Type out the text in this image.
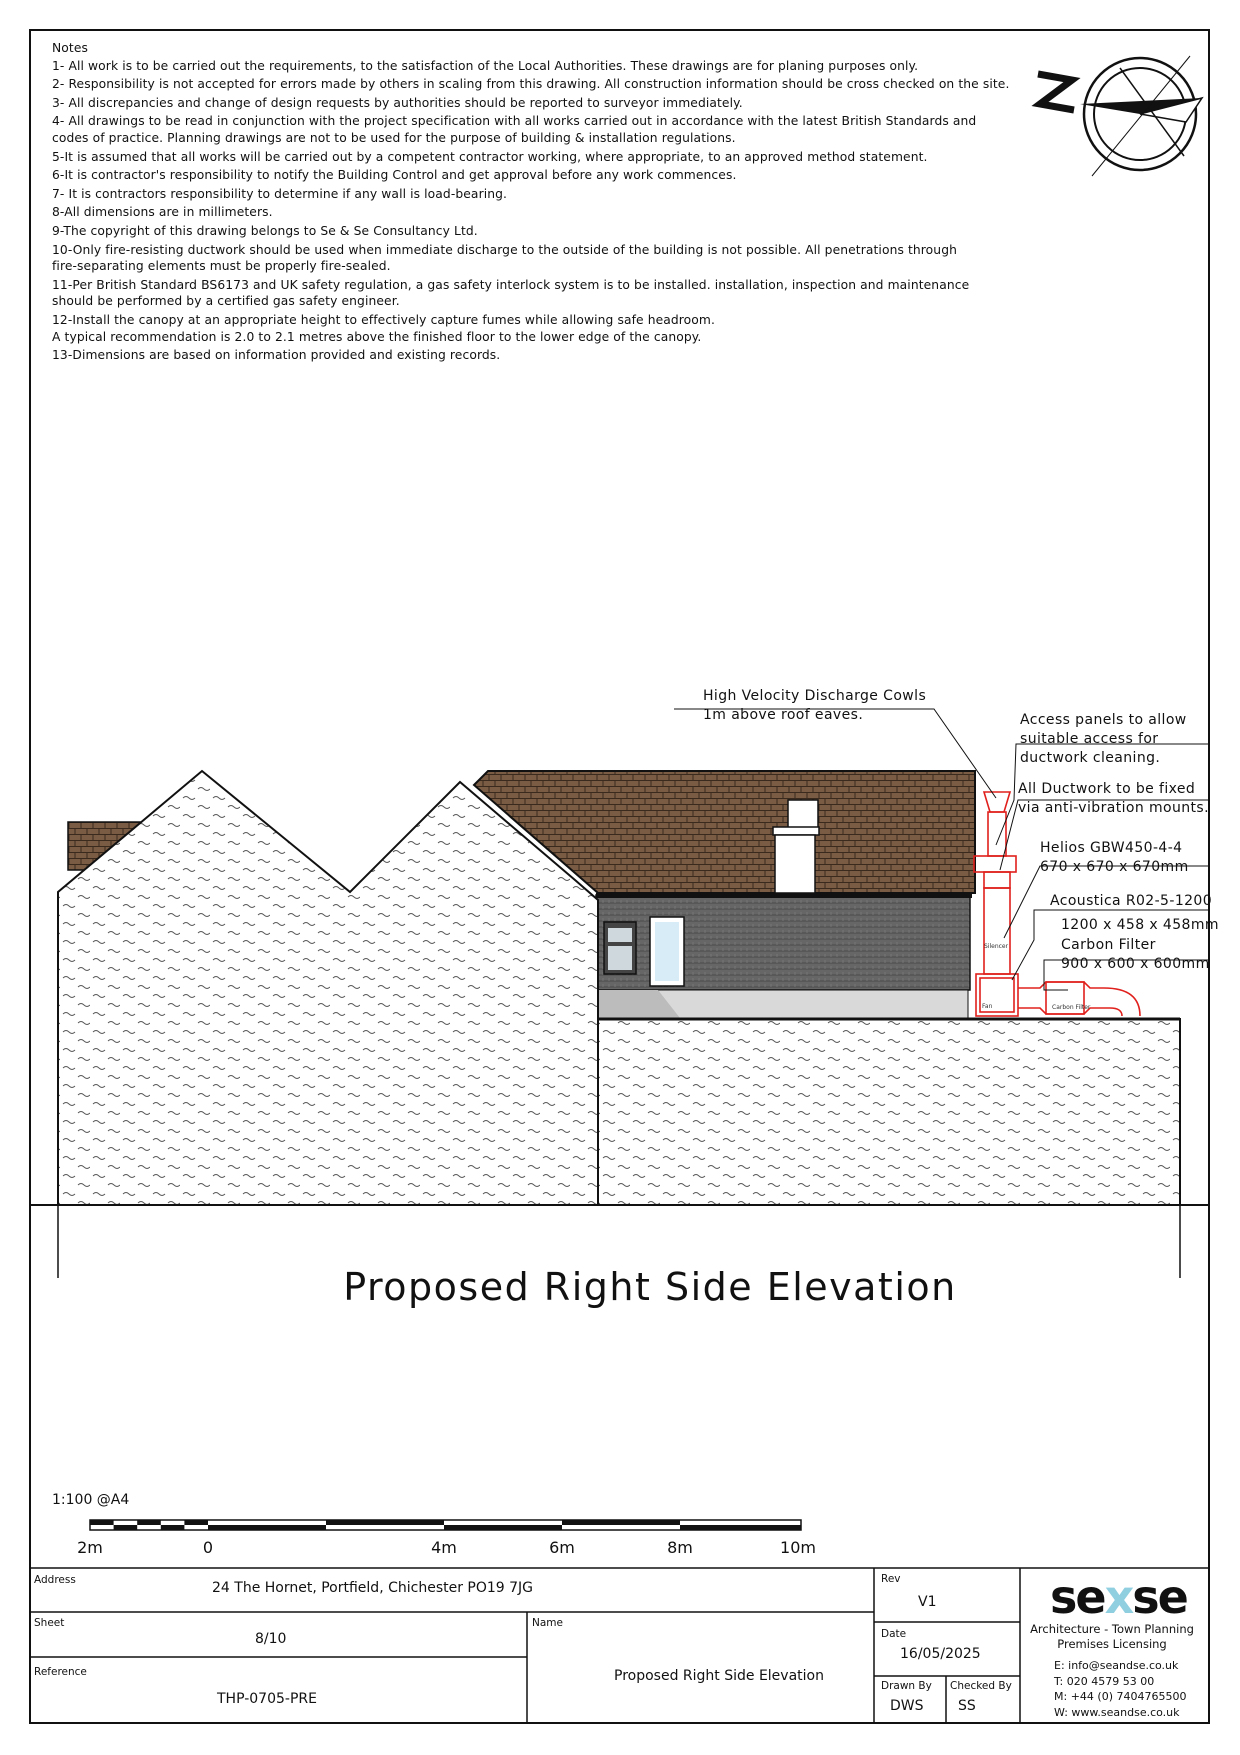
Notes
1- All work is to be carried out the requirements, to the satisfaction of the Local Authorities. These drawings are for planing purposes only.
2- Responsibility is not accepted for errors made by others in scaling from this drawing. All construction information should be cross checked on the site.
3- All discrepancies and change of design requests by authorities should be reported to surveyor immediately.
4- All drawings to be read in conjunction with the project specification with all works carried out in accordance with the latest British Standards and
codes of practice. Planning drawings are not to be used for the purpose of building & installation regulations.
5-It is assumed that all works will be carried out by a competent contractor working, where appropriate, to an approved method statement.
6-It is contractor's responsibility to notify the Building Control and get approval before any work commences.
7- It is contractors responsibility to determine if any wall is load-bearing.
8-All dimensions are in millimeters.
9-The copyright of this drawing belongs to Se & Se Consultancy Ltd.
10-Only fire-resisting ductwork should be used when immediate discharge to the outside of the building is not possible. All penetrations through
fire-separating elements must be properly fire-sealed.
11-Per British Standard BS6173 and UK safety regulation, a gas safety interlock system is to be installed. installation, inspection and maintenance
should be performed by a certified gas safety engineer.
12-Install the canopy at an appropriate height to effectively capture fumes while allowing safe headroom.
A typical recommendation is 2.0 to 2.1 metres above the finished floor to the lower edge of the canopy.
13-Dimensions are based on information provided and existing records.
High Velocity Discharge Cowls
1m above roof eaves.	Access panels to allow
suitable access for
ductwork cleaning.
All Ductwork to be fixed
via anti-vibration mounts.
Helios GBW450-4-4
670 x 670 x 670mm
Acoustica R02-5-1200
1200 x 458 x 458mm
Carbon Filter
900 x 600 x 600mm
Silencer
Fan	Carbon Filter
Proposed Right Side Elevation
1:100 @A4
2m	0	4m	6m	8m	10m
Address	24 The Hornet, Portfield, Chichester PO19 7JG
Sheet
8/10
Name
Proposed Right Side Elevation
Reference
THP-0705-PRE
Rev
V1
Date
16/05/2025
Drawn By
DWS
Checked By
SS
sexse
Architecture - Town Planning
Premises Licensing
E: info@seandse.co.uk
T: 020 4579 53 00
M: +44 (0) 7404765500
W: www.seandse.co.uk
